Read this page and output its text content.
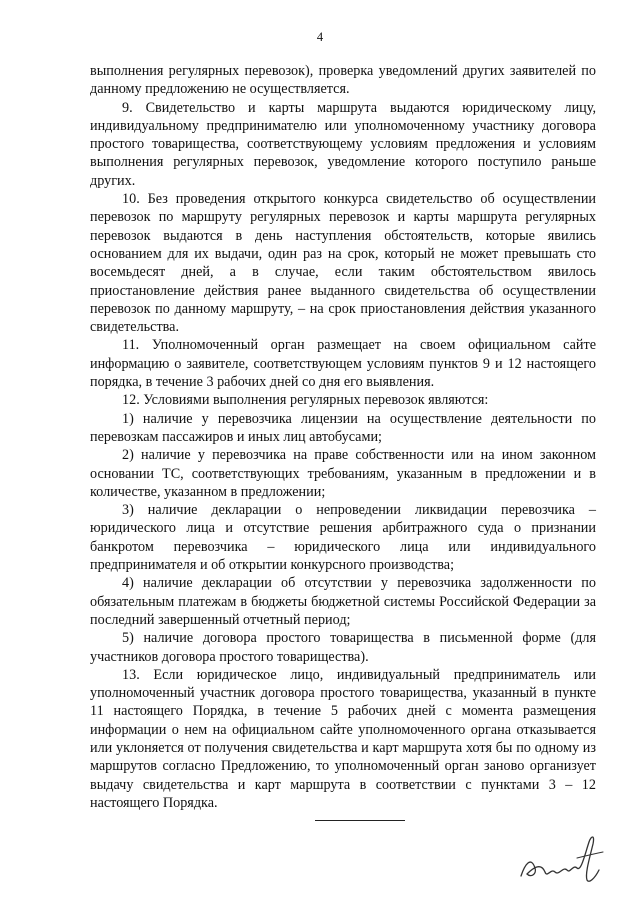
4

выполнения регулярных перевозок), проверка уведомлений других заявителей по данному предложению не осуществляется.

9. Свидетельство и карты маршрута выдаются юридическому лицу, индивидуальному предпринимателю или уполномоченному участнику договора простого товарищества, соответствующему условиям предложения и условиям выполнения регулярных перевозок, уведомление которого поступило раньше других.

10. Без проведения открытого конкурса свидетельство об осуществлении перевозок по маршруту регулярных перевозок и карты маршрута регулярных перевозок выдаются в день наступления обстоятельств, которые явились основанием для их выдачи, один раз на срок, который не может превышать сто восемьдесят дней, а в случае, если таким обстоятельством явилось приостановление действия ранее выданного свидетельства об осуществлении перевозок по данному маршруту, – на срок приостановления действия указанного свидетельства.

11. Уполномоченный орган размещает на своем официальном сайте информацию о заявителе, соответствующем условиям пунктов 9 и 12 настоящего порядка, в течение 3 рабочих дней со дня его выявления.

12. Условиями выполнения регулярных перевозок являются:

1) наличие у перевозчика лицензии на осуществление деятельности по перевозкам пассажиров и иных лиц автобусами;

2) наличие у перевозчика на праве собственности или на ином законном основании ТС, соответствующих требованиям, указанным в предложении и в количестве, указанном в предложении;

3) наличие декларации о непроведении ликвидации перевозчика – юридического лица и отсутствие решения арбитражного суда о признании банкротом перевозчика – юридического лица или индивидуального предпринимателя и об открытии конкурсного производства;

4) наличие декларации об отсутствии у перевозчика задолженности по обязательным платежам в бюджеты бюджетной системы Российской Федерации за последний завершенный отчетный период;

5) наличие договора простого товарищества в письменной форме (для участников договора простого товарищества).

13. Если юридическое лицо, индивидуальный предприниматель или уполномоченный участник договора простого товарищества, указанный в пункте 11 настоящего Порядка, в течение 5 рабочих дней с момента размещения информации о нем на официальном сайте уполномоченного органа отказывается или уклоняется от получения свидетельства и карт маршрута хотя бы по одному из маршрутов согласно Предложению, то уполномоченный орган заново организует выдачу свидетельства и карт маршрута в соответствии с пунктами 3 – 12 настоящего Порядка.
